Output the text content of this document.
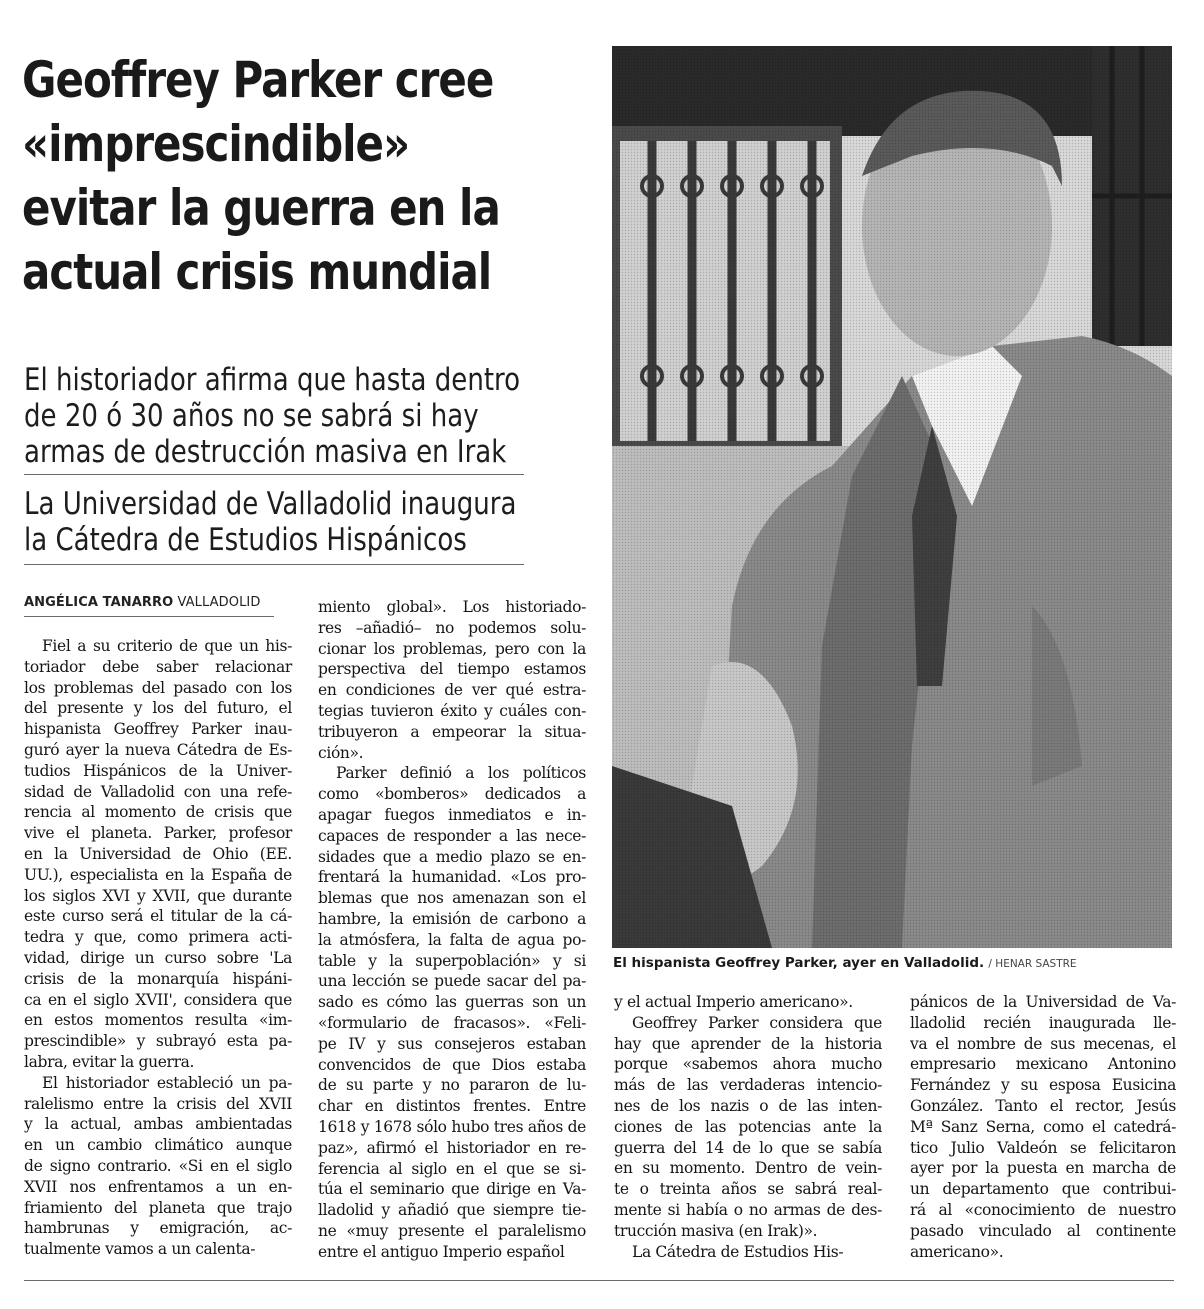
Geoffrey Parker cree
«imprescindible»
evitar la guerra en la
actual crisis mundial
El historiador afirma que hasta dentro
de 20 ó 30 años no se sabrá si hay
armas de destrucción masiva en Irak
La Universidad de Valladolid inaugura
la Cátedra de Estudios Hispánicos
ANGÉLICA TANARRO VALLADOLID

Fiel a su criterio de que un his-

toriador debe saber relacionar

los problemas del pasado con los

del presente y los del futuro, el

hispanista Geoffrey Parker inau-

guró ayer la nueva Cátedra de Es-

tudios Hispánicos de la Univer-

sidad de Valladolid con una refe-

rencia al momento de crisis que

vive el planeta. Parker, profesor

en la Universidad de Ohio (EE.

UU.), especialista en la España de

los siglos XVI y XVII, que durante

este curso será el titular de la cá-

tedra y que, como primera acti-

vidad, dirige un curso sobre 'La

crisis de la monarquía hispáni-

ca en el siglo XVII', considera que

en estos momentos resulta «im-

prescindible» y subrayó esta pa-

labra, evitar la guerra.

El historiador estableció un pa-

ralelismo entre la crisis del XVII

y la actual, ambas ambientadas

en un cambio climático aunque

de signo contrario. «Si en el siglo

XVII nos enfrentamos a un en-

friamiento del planeta que trajo

hambrunas y emigración, ac-

tualmente vamos a un calenta-

miento global». Los historiado-

res –añadió– no podemos solu-

cionar los problemas, pero con la

perspectiva del tiempo estamos

en condiciones de ver qué estra-

tegias tuvieron éxito y cuáles con-

tribuyeron a empeorar la situa-

ción».

Parker definió a los políticos

como «bomberos» dedicados a

apagar fuegos inmediatos e in-

capaces de responder a las nece-

sidades que a medio plazo se en-

frentará la humanidad. «Los pro-

blemas que nos amenazan son el

hambre, la emisión de carbono a

la atmósfera, la falta de agua po-

table y la superpoblación» y si

una lección se puede sacar del pa-

sado es cómo las guerras son un

«formulario de fracasos». «Feli-

pe IV y sus consejeros estaban

convencidos de que Dios estaba

de su parte y no pararon de lu-

char en distintos frentes. Entre

1618 y 1678 sólo hubo tres años de

paz», afirmó el historiador en re-

ferencia al siglo en el que se si-

túa el seminario que dirige en Va-

lladolid y añadió que siempre tie-

ne «muy presente el paralelismo

entre el antiguo Imperio español

y el actual Imperio americano».

Geoffrey Parker considera que

hay que aprender de la historia

porque «sabemos ahora mucho

más de las verdaderas intencio-

nes de los nazis o de las inten-

ciones de las potencias ante la

guerra del 14 de lo que se sabía

en su momento. Dentro de vein-

te o treinta años se sabrá real-

mente si había o no armas de des-

trucción masiva (en Irak)».

La Cátedra de Estudios His-

pánicos de la Universidad de Va-

lladolid recién inaugurada lle-

va el nombre de sus mecenas, el

empresario mexicano Antonino

Fernández y su esposa Eusicina

González. Tanto el rector, Jesús

Mª Sanz Serna, como el catedrá-

tico Julio Valdeón se felicitaron

ayer por la puesta en marcha de

un departamento que contribui-

rá al «conocimiento de nuestro

pasado vinculado al continente

americano».

El hispanista Geoffrey Parker, ayer en Valladolid. / HENAR SASTRE
